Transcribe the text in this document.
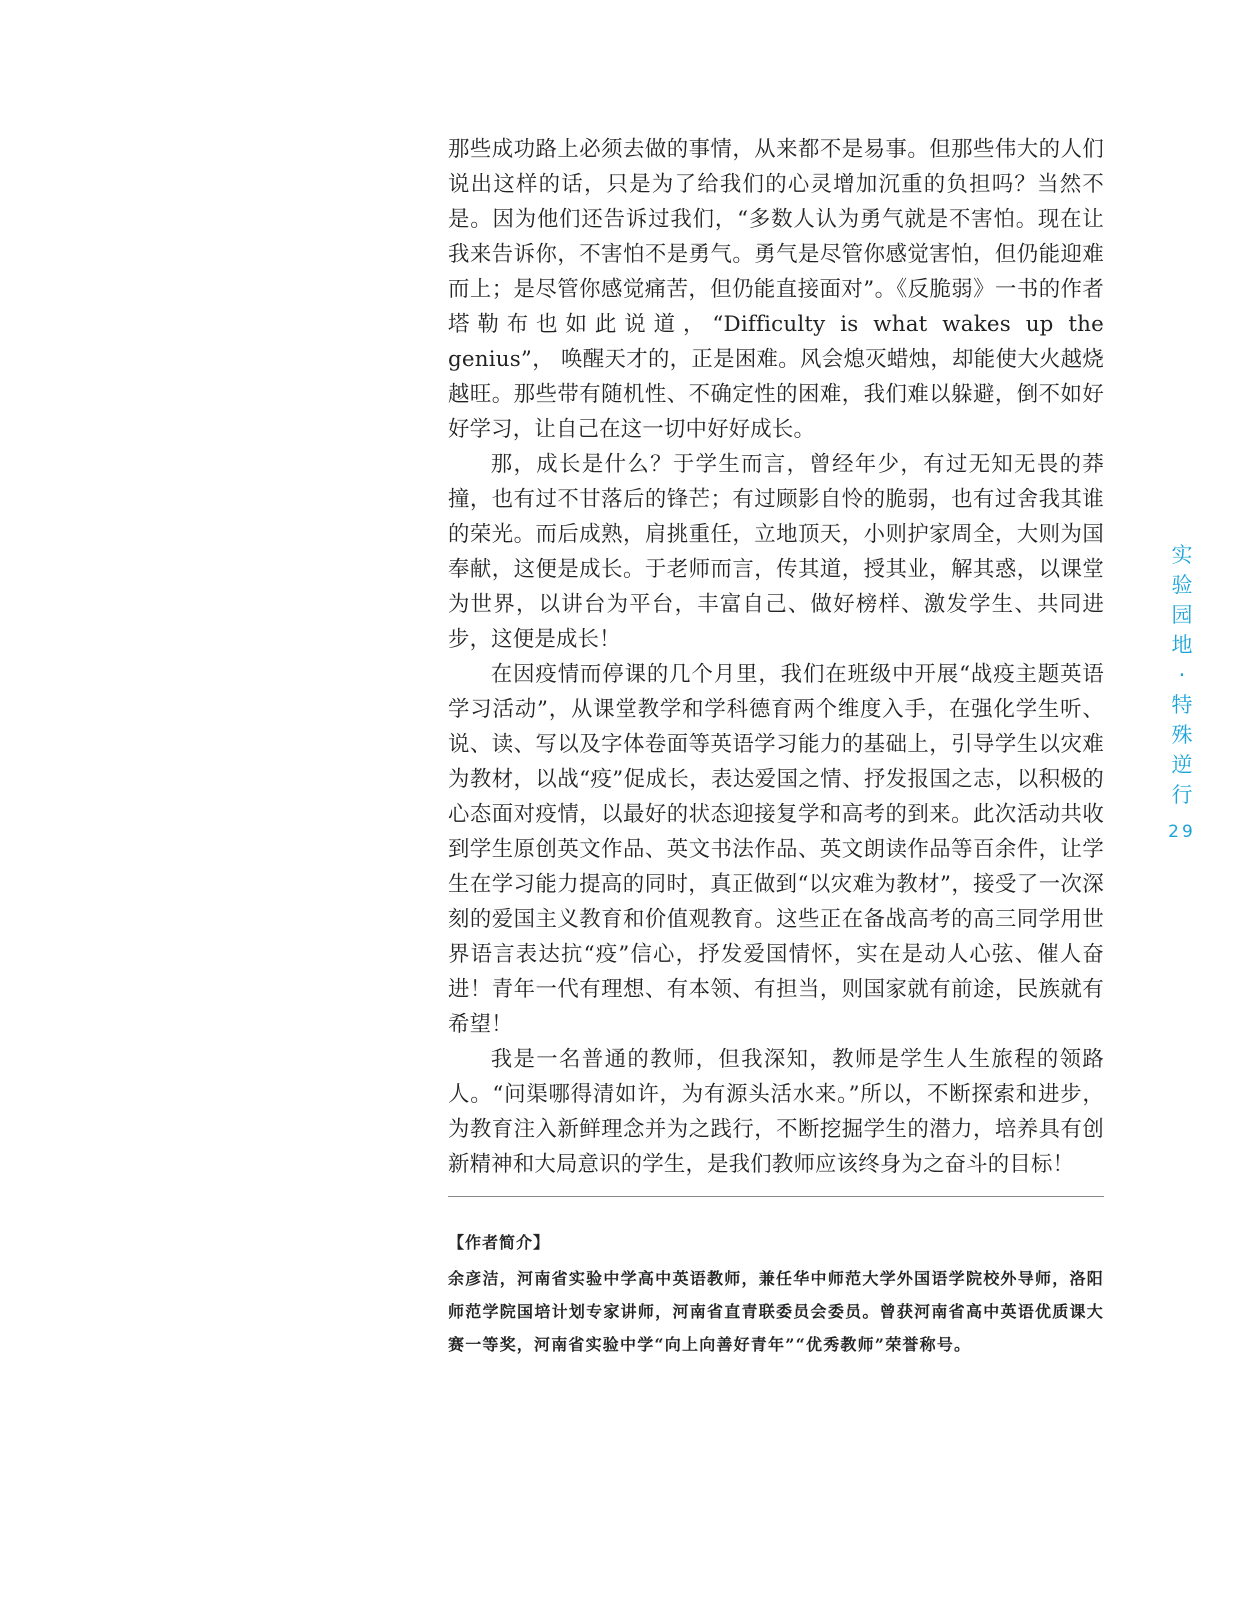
那些成功路上必须去做的事情，从来都不是易事。但那些伟大的人们说出这样的话，只是为了给我们的心灵增加沉重的负担吗？当然不是。因为他们还告诉过我们，“多数人认为勇气就是不害怕。现在让我来告诉你，不害怕不是勇气。勇气是尽管你感觉害怕，但仍能迎难而上；是尽管你感觉痛苦，但仍能直接面对”。《反脆弱》一书的作者塔勒布也如此说道，“Difficulty is what wakes up the genius”， 唤醒天才的，正是困难。风会熄灭蜡烛，却能使大火越烧越旺。那些带有随机性、不确定性的困难，我们难以躲避，倒不如好好学习，让自己在这一切中好好成长。

那，成长是什么？于学生而言，曾经年少，有过无知无畏的莽撞，也有过不甘落后的锋芒；有过顾影自怜的脆弱，也有过舍我其谁的荣光。而后成熟，肩挑重任，立地顶天，小则护家周全，大则为国奉献，这便是成长。于老师而言，传其道，授其业，解其惑，以课堂为世界，以讲台为平台，丰富自己、做好榜样、激发学生、共同进步，这便是成长！

在因疫情而停课的几个月里，我们在班级中开展“战疫主题英语学习活动”，从课堂教学和学科德育两个维度入手，在强化学生听、说、读、写以及字体卷面等英语学习能力的基础上，引导学生以灾难为教材，以战“疫”促成长，表达爱国之情、抒发报国之志，以积极的心态面对疫情，以最好的状态迎接复学和高考的到来。此次活动共收到学生原创英文作品、英文书法作品、英文朗读作品等百余件，让学生在学习能力提高的同时，真正做到“以灾难为教材”，接受了一次深刻的爱国主义教育和价值观教育。这些正在备战高考的高三同学用世界语言表达抗“疫”信心，抒发爱国情怀，实在是动人心弦、催人奋进！青年一代有理想、有本领、有担当，则国家就有前途，民族就有希望！

我是一名普通的教师，但我深知，教师是学生人生旅程的领路人。“问渠哪得清如许，为有源头活水来。”所以，不断探索和进步，为教育注入新鲜理念并为之践行，不断挖掘学生的潜力，培养具有创新精神和大局意识的学生，是我们教师应该终身为之奋斗的目标！

【作者简介】

余彦洁，河南省实验中学高中英语教师，兼任华中师范大学外国语学院校外导师，洛阳师范学院国培计划专家讲师，河南省直青联委员会委员。曾获河南省高中英语优质课大赛一等奖，河南省实验中学“向上向善好青年”“优秀教师”荣誉称号。

实
验
园
地
·
特
殊
逆
行
29
